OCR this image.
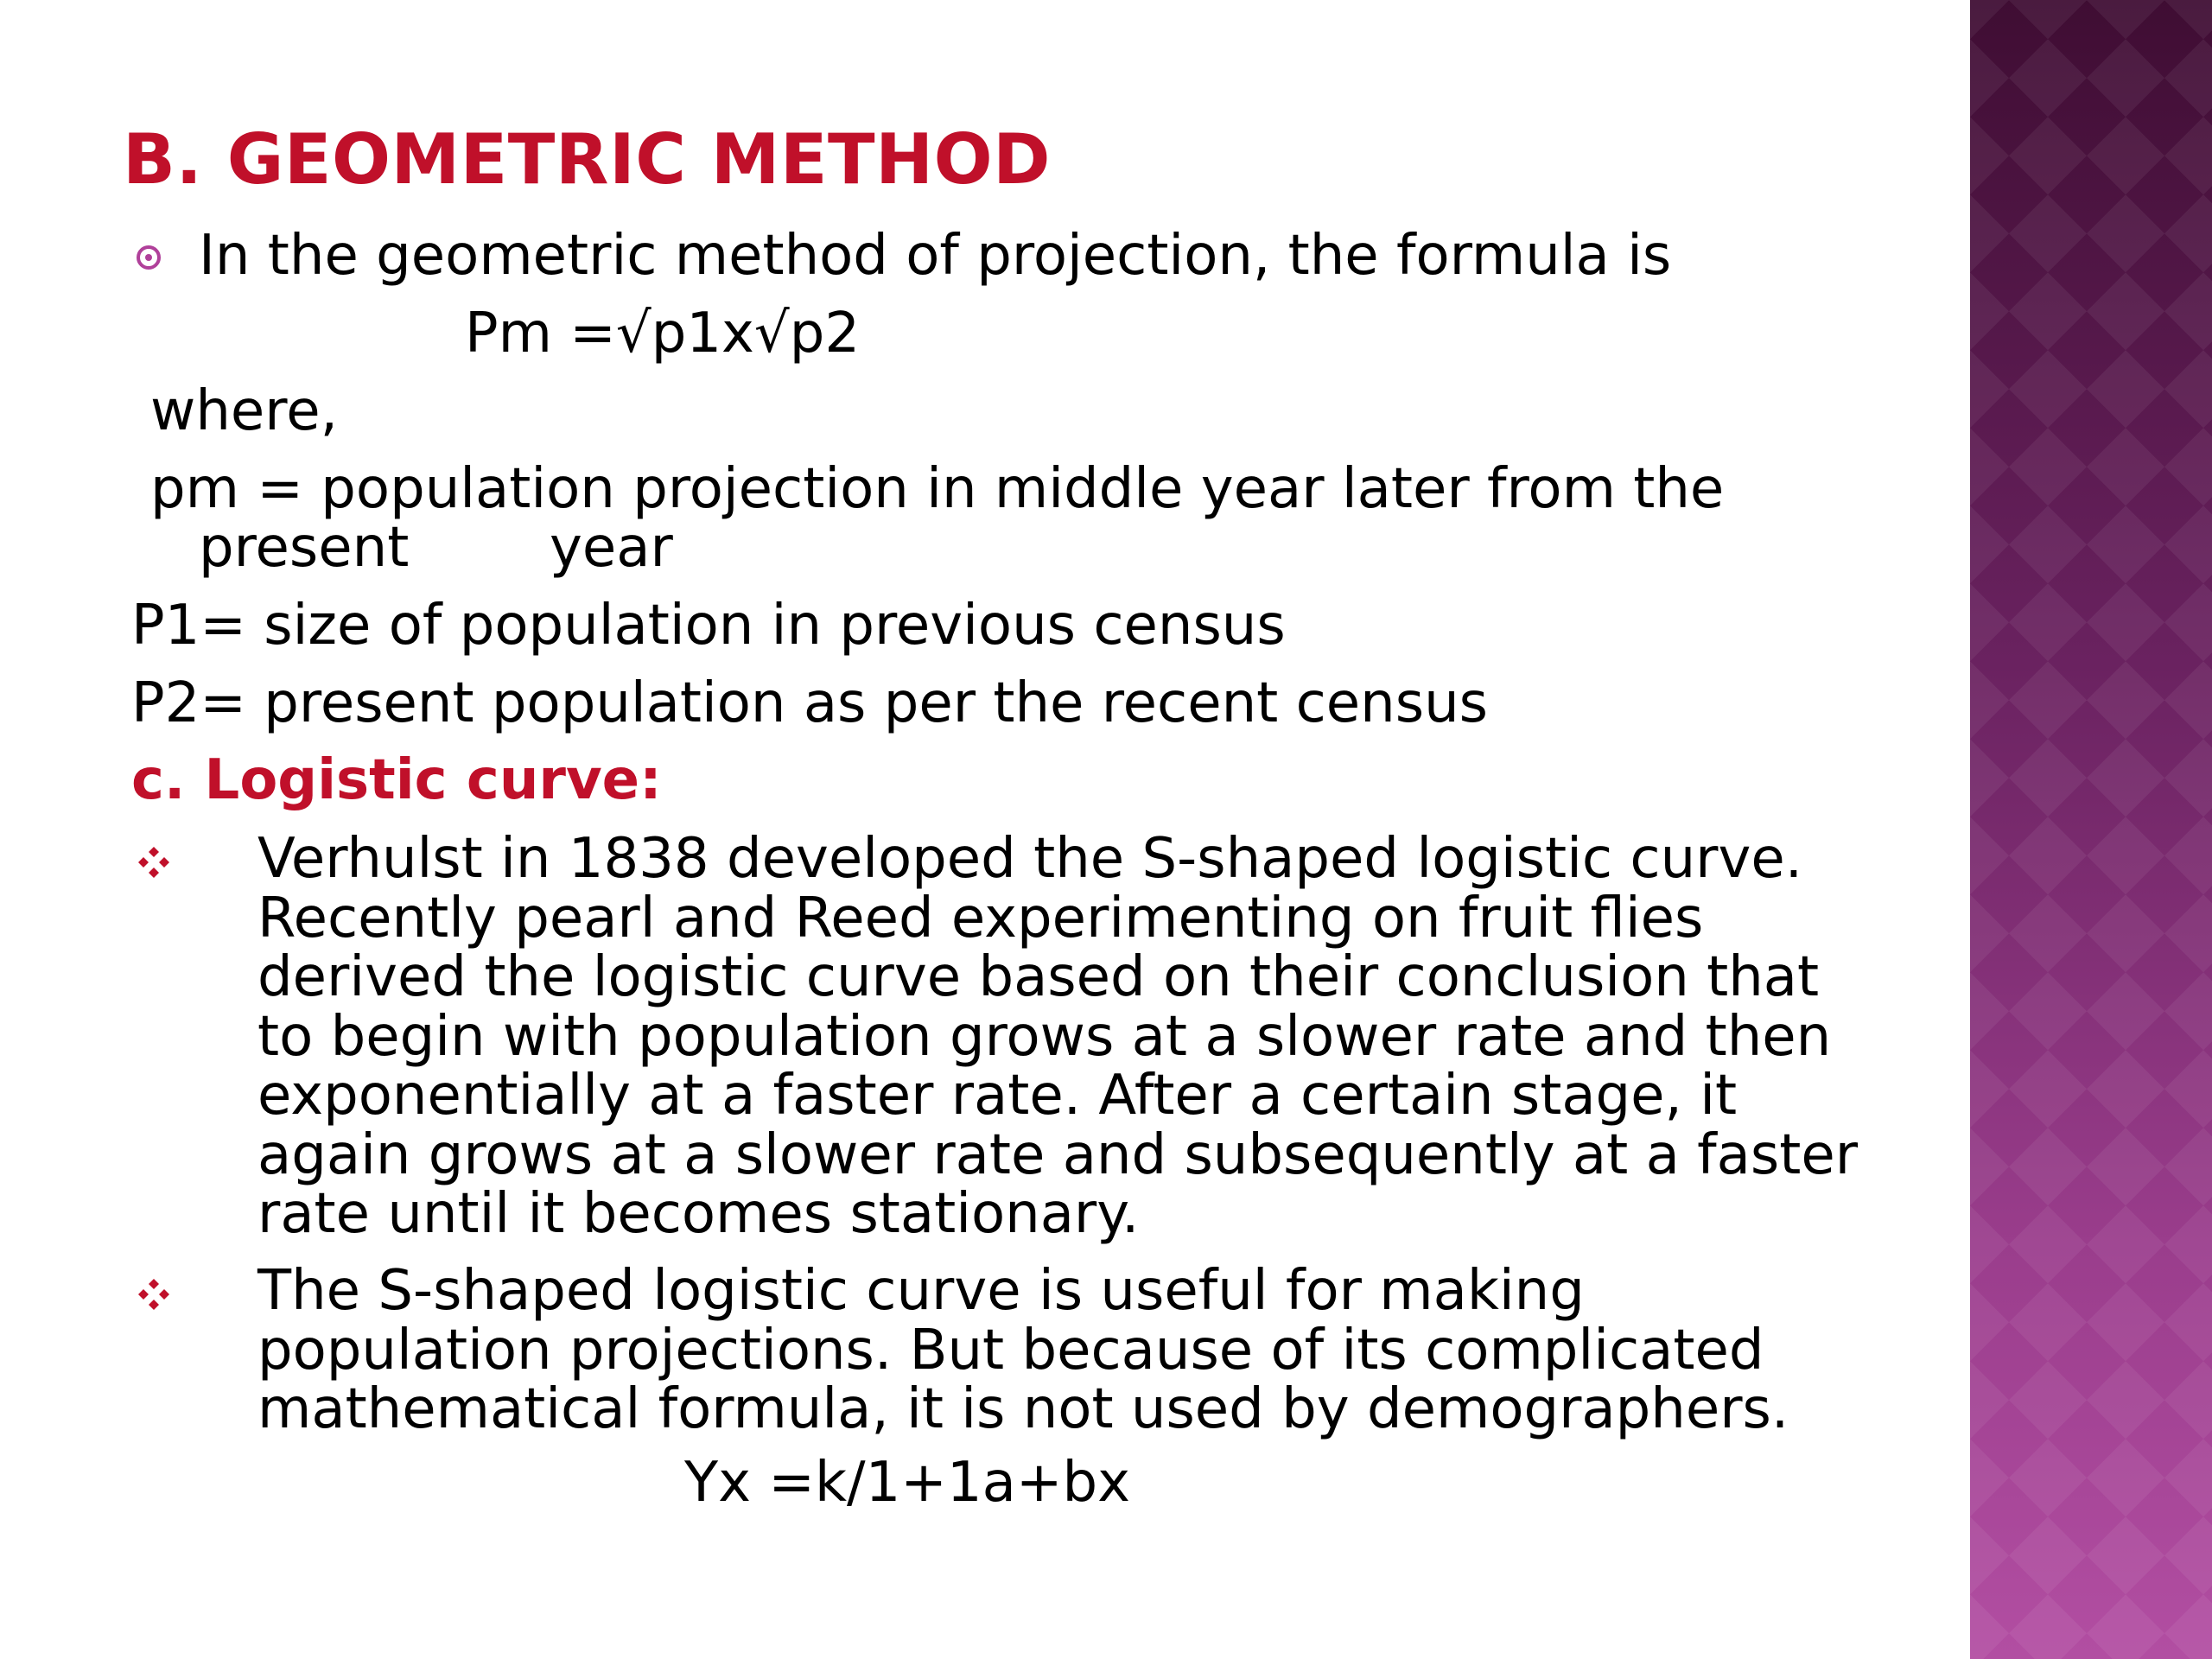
B. GEOMETRIC METHOD
In the geometric method of projection, the formula is
Pm =√p1x√p2
where,
pm = population projection in middle year later from the
present        year
P1= size of population in previous census
P2= present population as per the recent census
c. Logistic curve:
Verhulst in 1838 developed the S-shaped logistic curve.
Recently pearl and Reed experimenting on fruit flies
derived the logistic curve based on their conclusion that
to begin with population grows at a slower rate and then
exponentially at a faster rate. After a certain stage, it
again grows at a slower rate and subsequently at a faster
rate until it becomes stationary.
The S-shaped logistic curve is useful for making
population projections. But because of its complicated
mathematical formula, it is not used by demographers.
Yx =k/1+1a+bx
